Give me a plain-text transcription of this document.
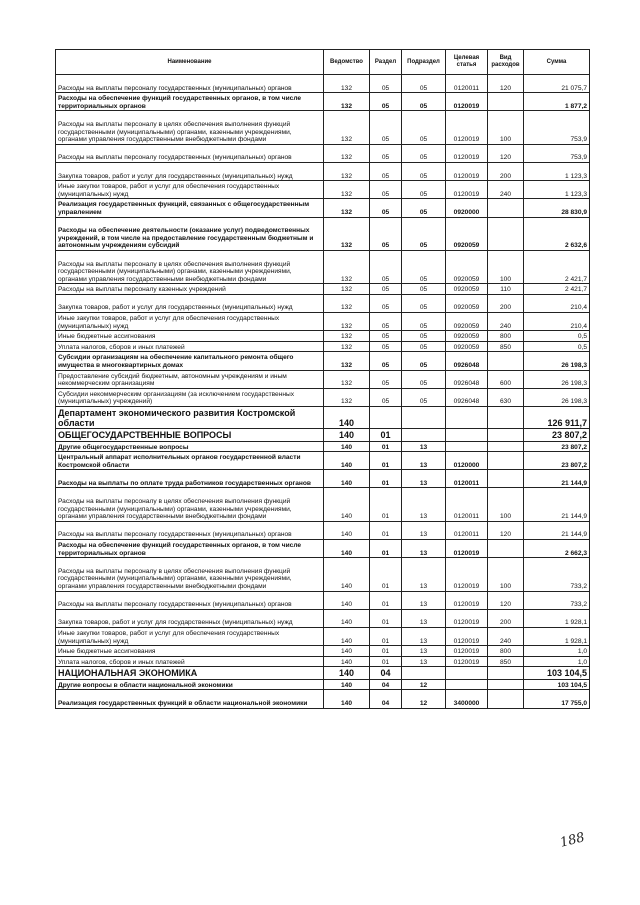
Наименование	Ведомство	Раздел	Подраздел	Целевая статья	Вид расходов	Сумма
Расходы на выплаты персоналу государственных (муниципальных) органов	132	05	05	0120011	120	21 075,7
Расходы на обеспечение функций государственных органов, в том числе территориальных органов	132	05	05	0120019		1 877,2
Расходы на выплаты персоналу в целях обеспечения выполнения функций государственными (муниципальными) органами, казенными учреждениями, органами управления государственными внебюджетными фондами	132	05	05	0120019	100	753,9
Расходы на выплаты персоналу государственных (муниципальных) органов	132	05	05	0120019	120	753,9
Закупка товаров, работ и услуг для государственных (муниципальных) нужд	132	05	05	0120019	200	1 123,3
Иные закупки товаров, работ и услуг для обеспечения государственных (муниципальных) нужд	132	05	05	0120019	240	1 123,3
Реализация государственных функций, связанных с общегосударственным управлением	132	05	05	0920000		28 830,9
Расходы на обеспечение деятельности (оказание услуг) подведомственных учреждений, в том числе на предоставление государственным бюджетным и автономным учреждениям субсидий	132	05	05	0920059		2 632,6
Расходы на выплаты персоналу в целях обеспечения выполнения функций государственными (муниципальными) органами, казенными учреждениями, органами управления государственными внебюджетными фондами	132	05	05	0920059	100	2 421,7
Расходы на выплаты персоналу казенных учреждений	132	05	05	0920059	110	2 421,7
Закупка товаров, работ и услуг для государственных (муниципальных) нужд	132	05	05	0920059	200	210,4
Иные закупки товаров, работ и услуг для обеспечения государственных (муниципальных) нужд	132	05	05	0920059	240	210,4
Иные бюджетные ассигнования	132	05	05	0920059	800	0,5
Уплата налогов, сборов и иных платежей	132	05	05	0920059	850	0,5
Субсидии организациям на обеспечение капитального ремонта общего имущества в многоквартирных домах	132	05	05	0926048		26 198,3
Предоставление субсидий бюджетным, автономным учреждениям и иным некоммерческим организациям	132	05	05	0926048	600	26 198,3
Субсидии некоммерческим организациям (за исключением государственных (муниципальных) учреждений)	132	05	05	0926048	630	26 198,3
Департамент экономического развития Костромской области	140					126 911,7
ОБЩЕГОСУДАРСТВЕННЫЕ ВОПРОСЫ	140	01				23 807,2
Другие общегосударственные вопросы	140	01	13			23 807,2
Центральный аппарат исполнительных органов государственной власти Костромской области	140	01	13	0120000		23 807,2
Расходы на выплаты по оплате труда работников государственных органов	140	01	13	0120011		21 144,9
Расходы на выплаты персоналу в целях обеспечения выполнения функций государственными (муниципальными) органами, казенными учреждениями, органами управления государственными внебюджетными фондами	140	01	13	0120011	100	21 144,9
Расходы на выплаты персоналу государственных (муниципальных) органов	140	01	13	0120011	120	21 144,9
Расходы на обеспечение функций государственных органов, в том числе территориальных органов	140	01	13	0120019		2 662,3
Расходы на выплаты персоналу в целях обеспечения выполнения функций государственными (муниципальными) органами, казенными учреждениями, органами управления государственными внебюджетными фондами	140	01	13	0120019	100	733,2
Расходы на выплаты персоналу государственных (муниципальных) органов	140	01	13	0120019	120	733,2
Закупка товаров, работ и услуг для государственных (муниципальных) нужд	140	01	13	0120019	200	1 928,1
Иные закупки товаров, работ и услуг для обеспечения государственных (муниципальных) нужд	140	01	13	0120019	240	1 928,1
Иные бюджетные ассигнования	140	01	13	0120019	800	1,0
Уплата налогов, сборов и иных платежей	140	01	13	0120019	850	1,0
НАЦИОНАЛЬНАЯ ЭКОНОМИКА	140	04				103 104,5
Другие вопросы в области национальной экономики	140	04	12			103 104,5
Реализация государственных функций в области национальной экономики	140	04	12	3400000		17 755,0
188
